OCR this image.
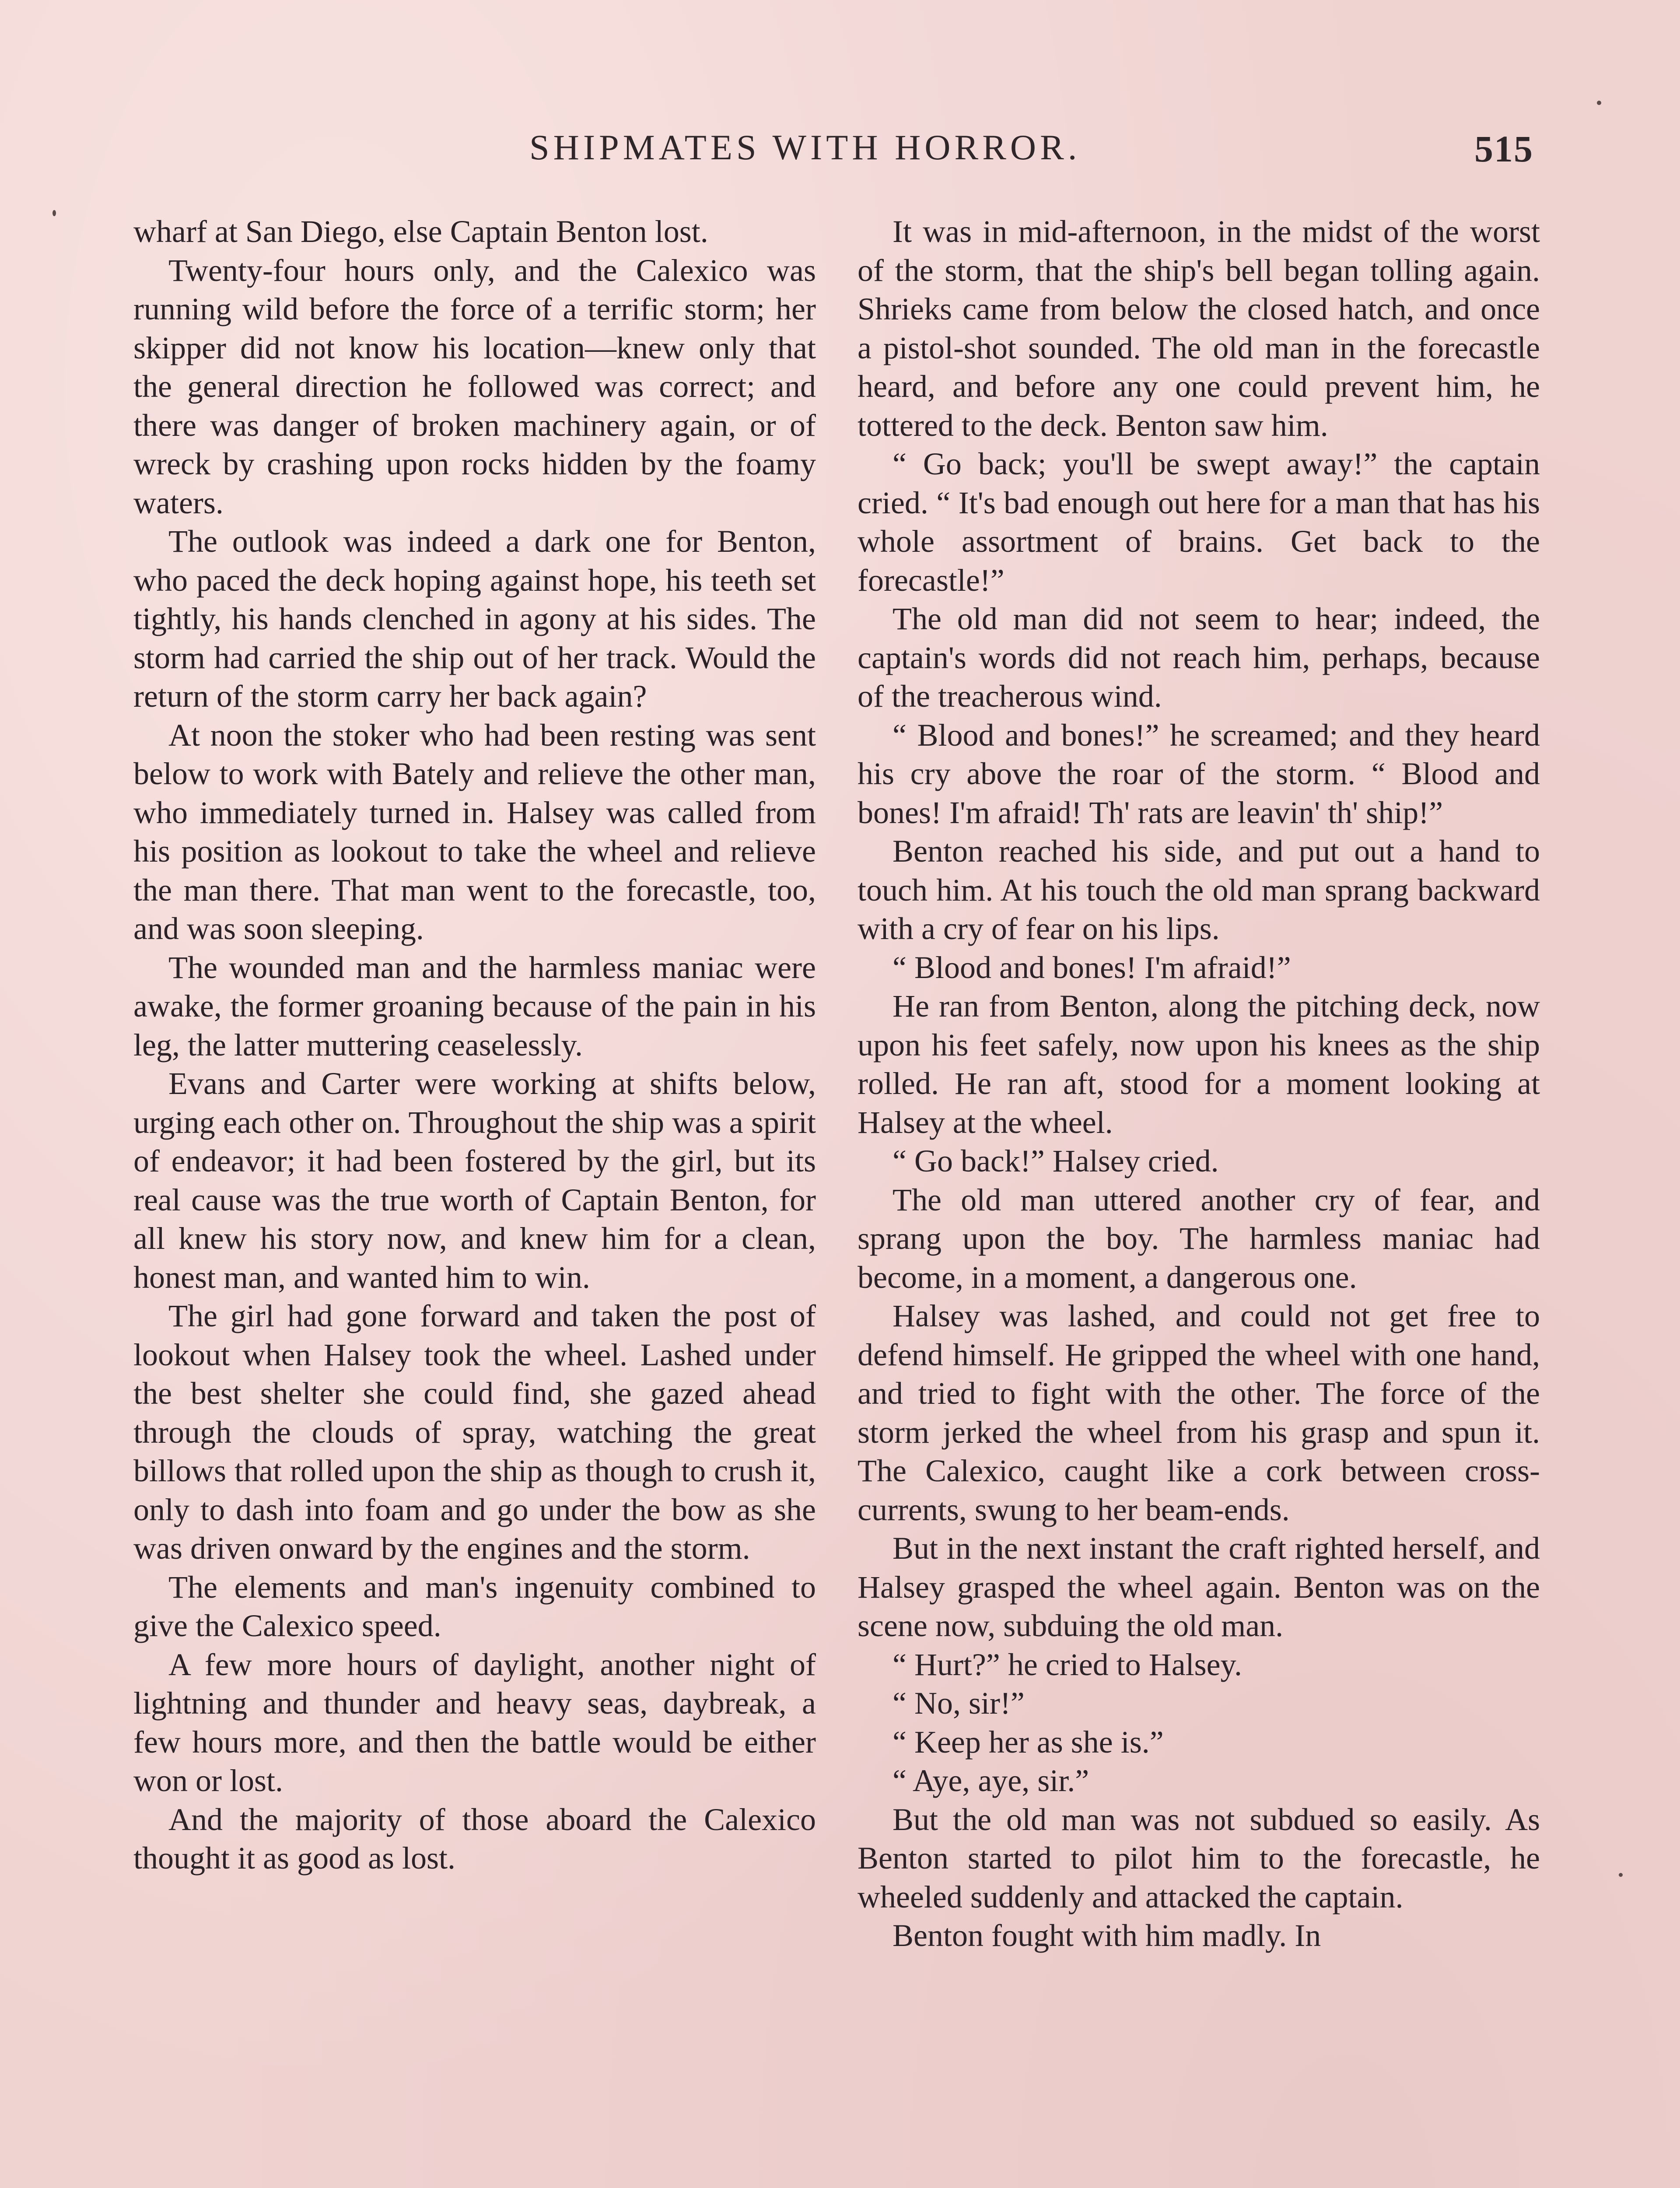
SHIPMATES WITH HORROR.	515

wharf at San Diego, else Captain Benton lost.

Twenty-four hours only, and the Calexico was running wild before the force of a terrific storm; her skipper did not know his location—knew only that the general direction he followed was correct; and there was danger of broken machinery again, or of wreck by crashing upon rocks hidden by the foamy waters.

The outlook was indeed a dark one for Benton, who paced the deck hoping against hope, his teeth set tightly, his hands clenched in agony at his sides. The storm had carried the ship out of her track. Would the return of the storm carry her back again?

At noon the stoker who had been resting was sent below to work with Bately and relieve the other man, who immediately turned in. Halsey was called from his position as lookout to take the wheel and relieve the man there. That man went to the forecastle, too, and was soon sleeping.

The wounded man and the harmless maniac were awake, the former groaning because of the pain in his leg, the latter muttering ceaselessly.

Evans and Carter were working at shifts below, urging each other on. Throughout the ship was a spirit of endeavor; it had been fostered by the girl, but its real cause was the true worth of Captain Benton, for all knew his story now, and knew him for a clean, honest man, and wanted him to win.

The girl had gone forward and taken the post of lookout when Halsey took the wheel. Lashed under the best shelter she could find, she gazed ahead through the clouds of spray, watching the great billows that rolled upon the ship as though to crush it, only to dash into foam and go under the bow as she was driven onward by the engines and the storm.

The elements and man's ingenuity combined to give the Calexico speed.

A few more hours of daylight, another night of lightning and thunder and heavy seas, daybreak, a few hours more, and then the battle would be either won or lost.

And the majority of those aboard the Calexico thought it as good as lost.

It was in mid-afternoon, in the midst of the worst of the storm, that the ship's bell began tolling again. Shrieks came from below the closed hatch, and once a pistol-shot sounded. The old man in the forecastle heard, and before any one could prevent him, he tottered to the deck. Benton saw him.

“ Go back; you'll be swept away!” the captain cried. “ It's bad enough out here for a man that has his whole assortment of brains. Get back to the forecastle!”

The old man did not seem to hear; indeed, the captain's words did not reach him, perhaps, because of the treacherous wind.

“ Blood and bones!” he screamed; and they heard his cry above the roar of the storm. “ Blood and bones! I'm afraid! Th' rats are leavin' th' ship!”

Benton reached his side, and put out a hand to touch him. At his touch the old man sprang backward with a cry of fear on his lips.

“ Blood and bones! I'm afraid!”

He ran from Benton, along the pitching deck, now upon his feet safely, now upon his knees as the ship rolled. He ran aft, stood for a moment looking at Halsey at the wheel.

“ Go back!” Halsey cried.

The old man uttered another cry of fear, and sprang upon the boy. The harmless maniac had become, in a moment, a dangerous one.

Halsey was lashed, and could not get free to defend himself. He gripped the wheel with one hand, and tried to fight with the other. The force of the storm jerked the wheel from his grasp and spun it. The Calexico, caught like a cork between cross-currents, swung to her beam-ends.

But in the next instant the craft righted herself, and Halsey grasped the wheel again. Benton was on the scene now, subduing the old man.

“ Hurt?” he cried to Halsey.

“ No, sir!”

“ Keep her as she is.”

“ Aye, aye, sir.”

But the old man was not subdued so easily. As Benton started to pilot him to the forecastle, he wheeled suddenly and attacked the captain.

Benton fought with him madly. In
